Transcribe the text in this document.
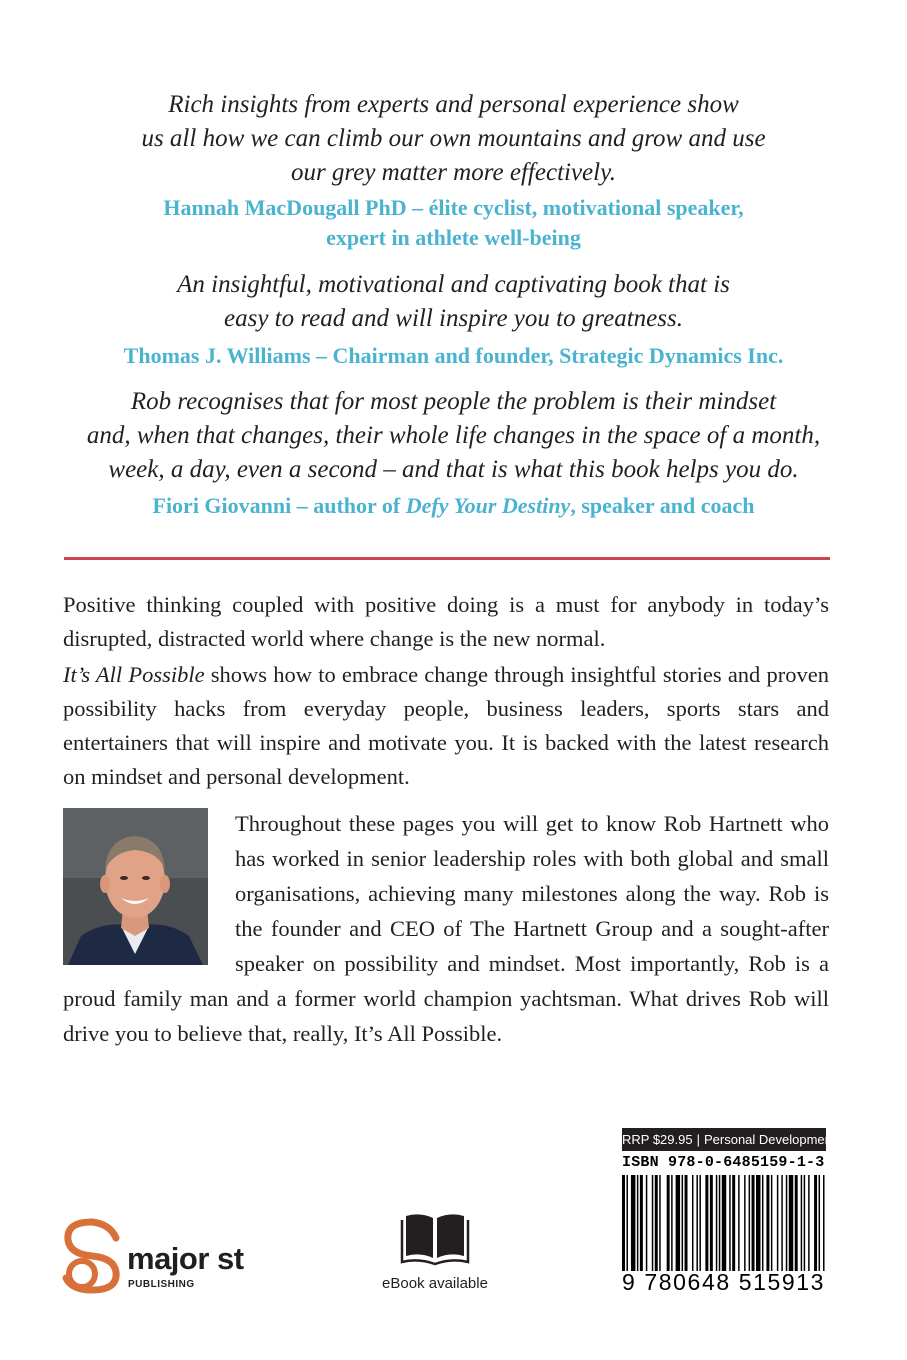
Rich insights from experts and personal experience show
us all how we can climb our own mountains and grow and use
our grey matter more effectively.
Hannah MacDougall PhD – élite cyclist, motivational speaker,
expert in athlete well-being
An insightful, motivational and captivating book that is
easy to read and will inspire you to greatness.
Thomas J. Williams – Chairman and founder, Strategic Dynamics Inc.
Rob recognises that for most people the problem is their mindset
and, when that changes, their whole life changes in the space of a month,
week, a day, even a second – and that is what this book helps you do.
Fiori Giovanni – author of Defy Your Destiny, speaker and coach

Positive thinking coupled with positive doing is a must for anybody in today’s disrupted, distracted world where change is the new normal.

It’s All Possible shows how to embrace change through insightful stories and proven possibility hacks from everyday people, business leaders, sports stars and entertainers that will inspire and motivate you. It is backed with the latest research on mindset and personal development.

Throughout these pages you will get to know Rob Hartnett who has worked in senior leadership roles with both global and small organisations, achieving many milestones along the way. Rob is the founder and CEO of The Hartnett Group and a sought-after speaker on possibility and mindset. Most importantly, Rob is a proud family man and a former world champion yachtsman. What drives Rob will drive you to believe that, really, It’s All Possible.

major st
PUBLISHING	eBook available
RRP $29.95 | Personal Development
ISBN 978-0-6485159-1-3
9 780648 515913
